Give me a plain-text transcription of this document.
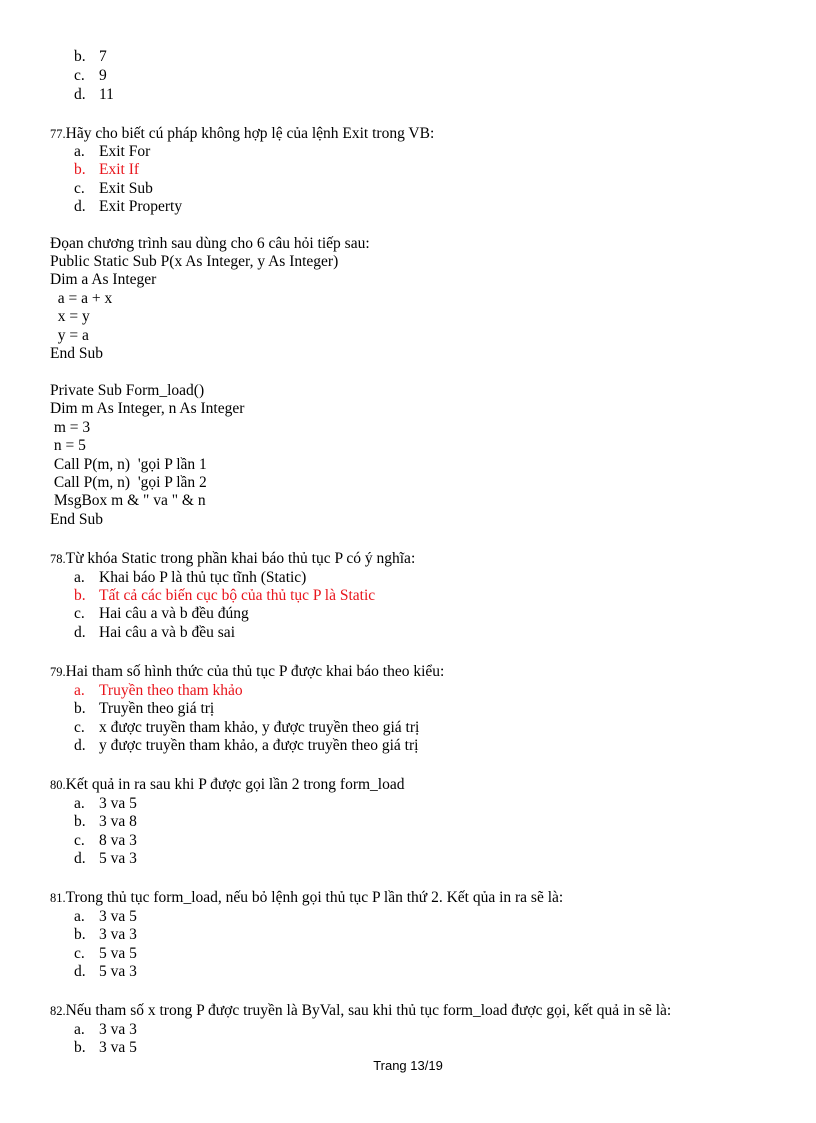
b. 7
c. 9
d. 11
77.Hãy cho biết cú pháp không hợp lệ của lệnh Exit trong VB:
a. Exit For
b. Exit If
c. Exit Sub
d. Exit Property
Đọan chương trình sau dùng cho 6 câu hỏi tiếp sau:
Public Static Sub P(x As Integer, y As Integer)
Dim a As Integer
a = a + x
x = y
y = a
End Sub
Private Sub Form_load()
Dim m As Integer, n As Integer
m = 3
n = 5
Call P(m, n)  'gọi P lần 1
Call P(m, n)  'gọi P lần 2
MsgBox m & " va " & n
End Sub
78.Từ khóa Static trong phần khai báo thủ tục P có ý nghĩa:
a. Khai báo P là thủ tục tĩnh (Static)
b. Tất cả các biến cục bộ của thủ tục P là Static
c. Hai câu a và b đều đúng
d. Hai câu a và b đều sai
79.Hai tham số hình thức của thủ tục P được khai báo theo kiểu:
a. Truyền theo tham khảo
b. Truyền theo giá trị
c. x được truyền tham khảo, y được truyền theo giá trị
d. y được truyền tham khảo, a được truyền theo giá trị
80.Kết quả in ra sau khi P được gọi lần 2 trong form_load
a. 3 va 5
b. 3 va 8
c. 8 va 3
d. 5 va 3
81.Trong thủ tục form_load, nếu bỏ lệnh gọi thủ tục P lần thứ 2. Kết qủa in ra sẽ là:
a. 3 va 5
b. 3 va 3
c. 5 va 5
d. 5 va 3
82.Nếu tham số x trong P được truyền là ByVal, sau khi thủ tục form_load được gọi, kết quả in sẽ là:
a. 3 va 3
b. 3 va 5
Trang 13/19
